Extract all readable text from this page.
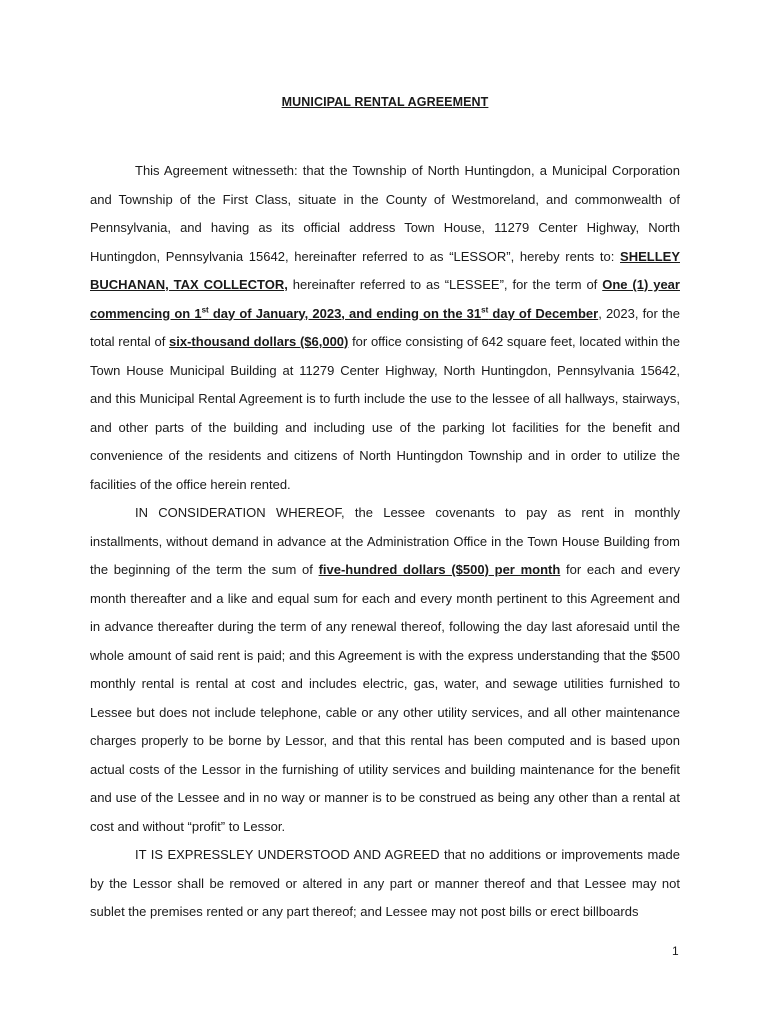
MUNICIPAL RENTAL AGREEMENT

This Agreement witnesseth: that the Township of North Huntingdon, a Municipal Corporation and Township of the First Class, situate in the County of Westmoreland, and commonwealth of Pennsylvania, and having as its official address Town House, 11279 Center Highway, North Huntingdon, Pennsylvania 15642, hereinafter referred to as “LESSOR”, hereby rents to: SHELLEY BUCHANAN, TAX COLLECTOR, hereinafter referred to as “LESSEE”, for the term of One (1) year commencing on 1st day of January, 2023, and ending on the 31st day of December, 2023, for the total rental of six-thousand dollars ($6,000) for office consisting of 642 square feet, located within the Town House Municipal Building at 11279 Center Highway, North Huntingdon, Pennsylvania 15642, and this Municipal Rental Agreement is to furth include the use to the lessee of all hallways, stairways, and other parts of the building and including use of the parking lot facilities for the benefit and convenience of the residents and citizens of North Huntingdon Township and in order to utilize the facilities of the office herein rented.

IN CONSIDERATION WHEREOF, the Lessee covenants to pay as rent in monthly installments, without demand in advance at the Administration Office in the Town House Building from the beginning of the term the sum of five-hundred dollars ($500) per month for each and every month thereafter and a like and equal sum for each and every month pertinent to this Agreement and in advance thereafter during the term of any renewal thereof, following the day last aforesaid until the whole amount of said rent is paid; and this Agreement is with the express understanding that the $500 monthly rental is rental at cost and includes electric, gas, water, and sewage utilities furnished to Lessee but does not include telephone, cable or any other utility services, and all other maintenance charges properly to be borne by Lessor, and that this rental has been computed and is based upon actual costs of the Lessor in the furnishing of utility services and building maintenance for the benefit and use of the Lessee and in no way or manner is to be construed as being any other than a rental at cost and without “profit” to Lessor.

IT IS EXPRESSLEY UNDERSTOOD AND AGREED that no additions or improvements made by the Lessor shall be removed or altered in any part or manner thereof and that Lessee may not sublet the premises rented or any part thereof; and Lessee may not post bills or erect billboards

1
